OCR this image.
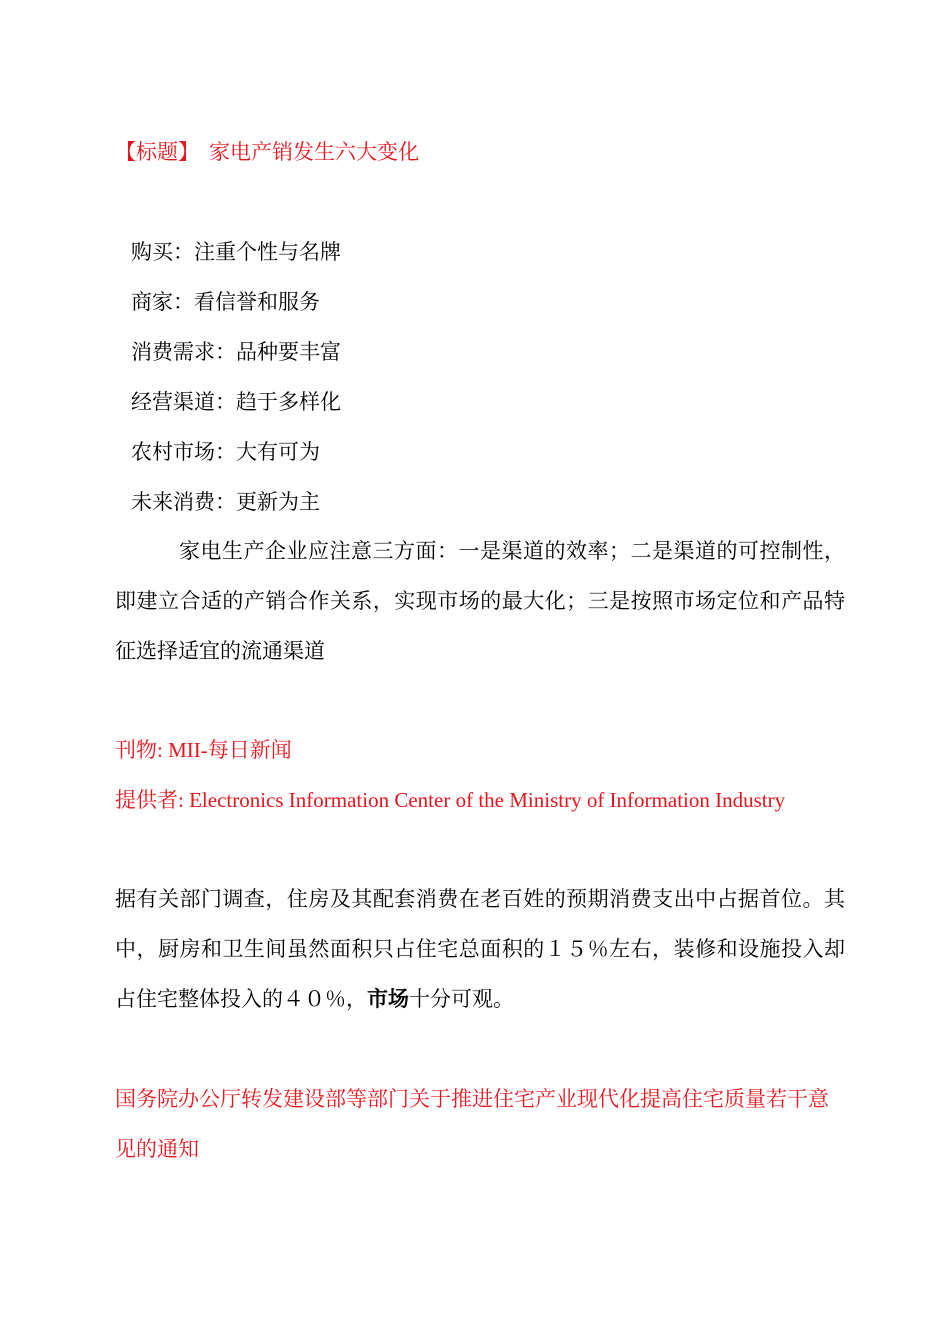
【标题】 家电产销发生六大变化
购买：注重个性与名牌
商家：看信誉和服务
消费需求：品种要丰富
经营渠道：趋于多样化
农村市场：大有可为
未来消费：更新为主

家电生产企业应注意三方面：一是渠道的效率；二是渠道的可控制性，即建立合适的产销合作关系，实现市场的最大化；三是按照市场定位和产品特征选择适宜的流通渠道

刊物: MII-每日新闻
提供者: Electronics Information Center of the Ministry of Information Industry

据有关部门调查，住房及其配套消费在老百姓的预期消费支出中占据首位。其中，厨房和卫生间虽然面积只占住宅总面积的１５％左右，装修和设施投入却占住宅整体投入的４０％，市场十分可观。

国务院办公厅转发建设部等部门关于推进住宅产业现代化提高住宅质量若干意见的通知
